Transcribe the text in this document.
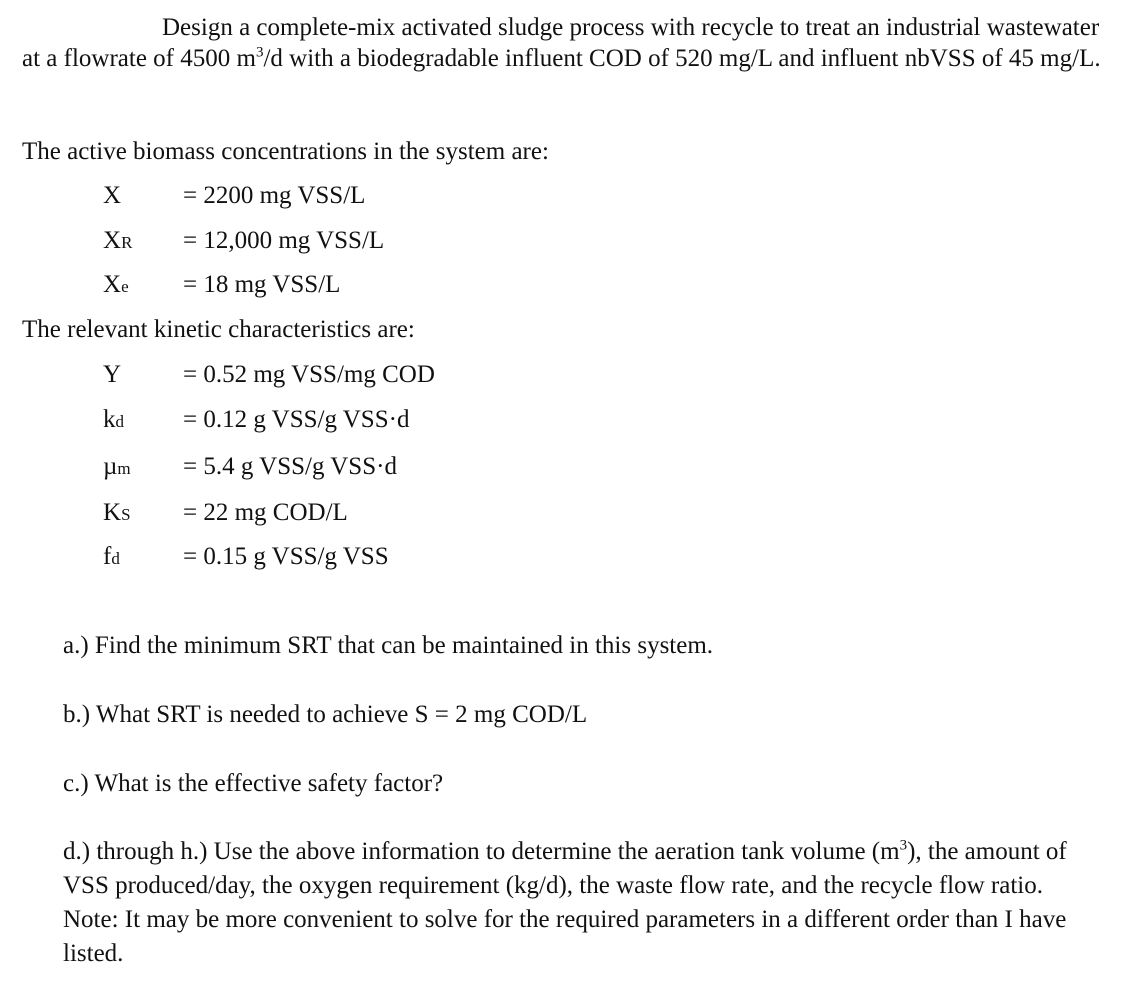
Design a complete-mix activated sludge process with recycle to treat an industrial wastewater at a flowrate of 4500 $m^3/d$ with a biodegradable influent COD of 520 mg/L and influent nbVSS of 45 mg/L.

The active biomass concentrations in the system are:

X = 2200 mg VSS/L
XR = 12,000 mg VSS/L
Xe = 18 mg VSS/L

The relevant kinetic characteristics are:

Y = 0.52 mg VSS/mg COD
kd = 0.12 g VSS/g VSS·d
µm = 5.4 g VSS/g VSS·d
KS = 22 mg COD/L
fd	= 0.15 g VSS/g VSS

a.) Find the minimum SRT that can be maintained in this system.

b.) What SRT is needed to achieve S = 2 mg COD/L

c.) What is the effective safety factor?

d.) through h.) Use the above information to determine the aeration tank volume $(m^3)$, the amount of VSS produced/day, the oxygen requirement (kg/d), the waste flow rate, and the recycle flow ratio. Note: It may be more convenient to solve for the required parameters in a different order than I have listed.
